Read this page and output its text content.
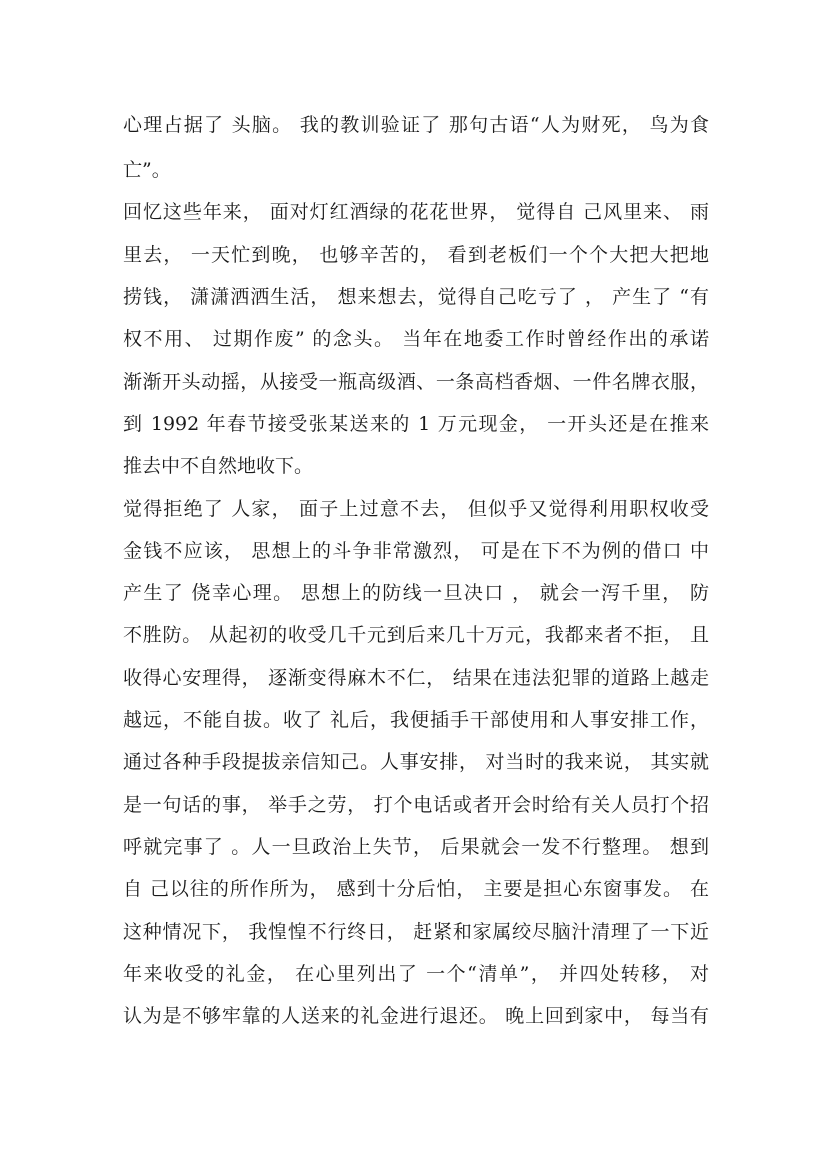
心理占据了 头脑。 我的教训验证了 那句古语“人为财死， 鸟为食
亡”。
回忆这些年来， 面对灯红酒绿的花花世界， 觉得自 己风里来、 雨
里去， 一天忙到晚， 也够辛苦的， 看到老板们一个个大把大把地
捞钱， 潇潇洒洒生活， 想来想去，觉得自己吃亏了 ， 产生了 “有
权不用、 过期作废” 的念头。 当年在地委工作时曾经作出的承诺
渐渐开头动摇，从接受一瓶高级酒、一条高档香烟、一件名牌衣服，
到 1992 年春节接受张某送来的 1 万元现金， 一开头还是在推来
推去中不自然地收下。
觉得拒绝了 人家， 面子上过意不去， 但似乎又觉得利用职权收受
金钱不应该， 思想上的斗争非常激烈， 可是在下不为例的借口 中
产生了 侥幸心理。 思想上的防线一旦决口 ， 就会一泻千里， 防
不胜防。 从起初的收受几千元到后来几十万元，我都来者不拒， 且
收得心安理得， 逐渐变得麻木不仁， 结果在违法犯罪的道路上越走
越远，不能自拔。收了 礼后，我便插手干部使用和人事安排工作，
通过各种手段提拔亲信知己。人事安排， 对当时的我来说， 其实就
是一句话的事， 举手之劳， 打个电话或者开会时给有关人员打个招
呼就完事了 。人一旦政治上失节， 后果就会一发不行整理。 想到
自 己以往的所作所为， 感到十分后怕， 主要是担心东窗事发。 在
这种情况下， 我惶惶不行终日， 赶紧和家属绞尽脑汁清理了一下近
年来收受的礼金， 在心里列出了 一个“清单”， 并四处转移， 对
认为是不够牢靠的人送来的礼金进行退还。 晚上回到家中， 每当有
